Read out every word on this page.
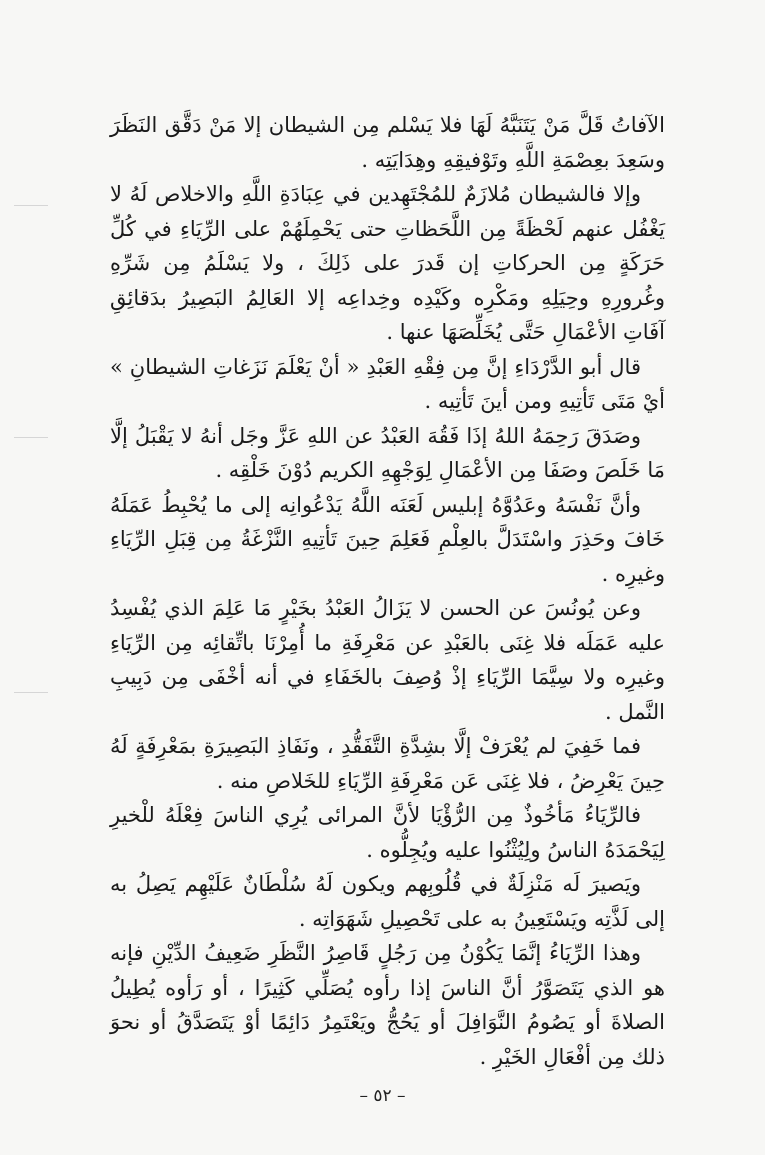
الآفاتُ قَلَّ مَنْ يَتَنَبَّهُ لَهَا فلا يَسْلم مِن الشيطان إلا مَنْ دَقَّق النَظَرَ وسَعِدَ بعِصْمَةِ اللَّهِ وتَوْفيقِهِ وهِدَايَتِه .

وإلا فالشيطان مُلازَمٌ للمُجْتَهِدين في عِبَادَةِ اللَّهِ والاخلاص لَهُ لا يَغْفُل عنهم لَحْظَةً مِن اللَّحَظاتِ حتى يَحْمِلَهُمْ على الرِّيَاءِ في كُلِّ حَرَكَةٍ مِن الحركاتِ إن قَدرَ على ذَلِكَ ، ولا يَسْلَمُ مِن شَرِّهِ وغُرورِهِ وحِيَلِهِ ومَكْرِه وكَيْدِه وخِداعِه إلا العَالِمُ البَصِيرُ بدَقائِقِ آفَاتِ الأعْمَالِ حَتَّى يُخَلِّصَهَا عنها .

قال أبو الدَّرْدَاءِ إنَّ مِن فِقْهِ العَبْدِ « أنْ يَعْلَمَ نَزَغاتِ الشيطانِ » أيْ مَتَى تَأتِيهِ ومن أينَ تَأتِيه .

وصَدَقَ رَحِمَهُ اللهُ إذَا فَقُهَ العَبْدُ عن اللهِ عَزَّ وجَل أنهُ لا يَقْبَلُ إلَّا مَا خَلَصَ وصَفَا مِن الأعْمَالِ لِوَجْهِهِ الكريم دُوْنَ خَلْقِه .

وأنَّ نَفْسَهُ وعَدُوَّهُ إبليس لَعَنَه اللَّهُ يَدْعُوانِه إلى ما يُحْبِطُ عَمَلَهُ خَافَ وحَذِرَ واسْتَدَلَّ بالعِلْمِ فَعَلِمَ حِينَ تَأتِيهِ النَّزْغَةُ مِن قِبَلِ الرِّيَاءِ وغيرِه .

وعن يُونُسَ عن الحسن لا يَزَالُ العَبْدُ بخَيْرٍ مَا عَلِمَ الذي يُفْسِدُ عليه عَمَلَه فلا غِنَى بالعَبْدِ عن مَعْرِفَةِ ما أُمِرْنَا باتِّقائِه مِن الرِّيَاءِ وغيرِه ولا سِيَّمَا الرِّيَاءِ إذْ وُصِفَ بالخَفَاءِ في أنه أخْفَى مِن دَبِيبِ النَّمل .

فما خَفِيَ لم يُعْرَفْ إلَّا بشِدَّةِ التَّفَقُّدِ ، ونَفَاذِ البَصِيرَةِ بمَعْرِفَةٍ لَهُ حِينَ يَعْرِضُ ، فلا غِنَى عَن مَعْرِفَةِ الرِّيَاءِ للخَلاصِ منه .

فالرِّيَاءُ مَأخُوذٌ مِن الرُّؤْيَا لأنَّ المرائى يُرِي الناسَ فِعْلَهُ للْخيرِ لِيَحْمَدَهُ الناسُ ولِيُثْنُوا عليه ويُجِلُّوه .

ويَصيرَ لَه مَنْزِلَةٌ في قُلُوبِهم ويكون لَهُ سُلْطَانٌ عَلَيْهِم يَصِلُ به إلى لَذَّتِه ويَسْتَعِينُ به على تَحْصِيلِ شَهَوَاتِه .

وهذا الرِّيَاءُ إنَّمَا يَكُوْنُ مِن رَجُلٍ قَاصِرُ النَّظَرِ ضَعِيفُ الدِّيْنِ فإنه هو الذي يَتَصَوَّرُ أنَّ الناسَ إذا رأوه يُصَلِّي كَثِيرًا ، أو رَأوه يُطِيلُ الصلاةَ أو يَصُومُ النَّوَافِلَ أو يَحُجُّ ويَعْتَمِرُ دَائِمًا أوْ يَتَصَدَّقُ أو نحوَ ذلك مِن أفْعَالِ الخَيْرِ .

– ٥٢ –
